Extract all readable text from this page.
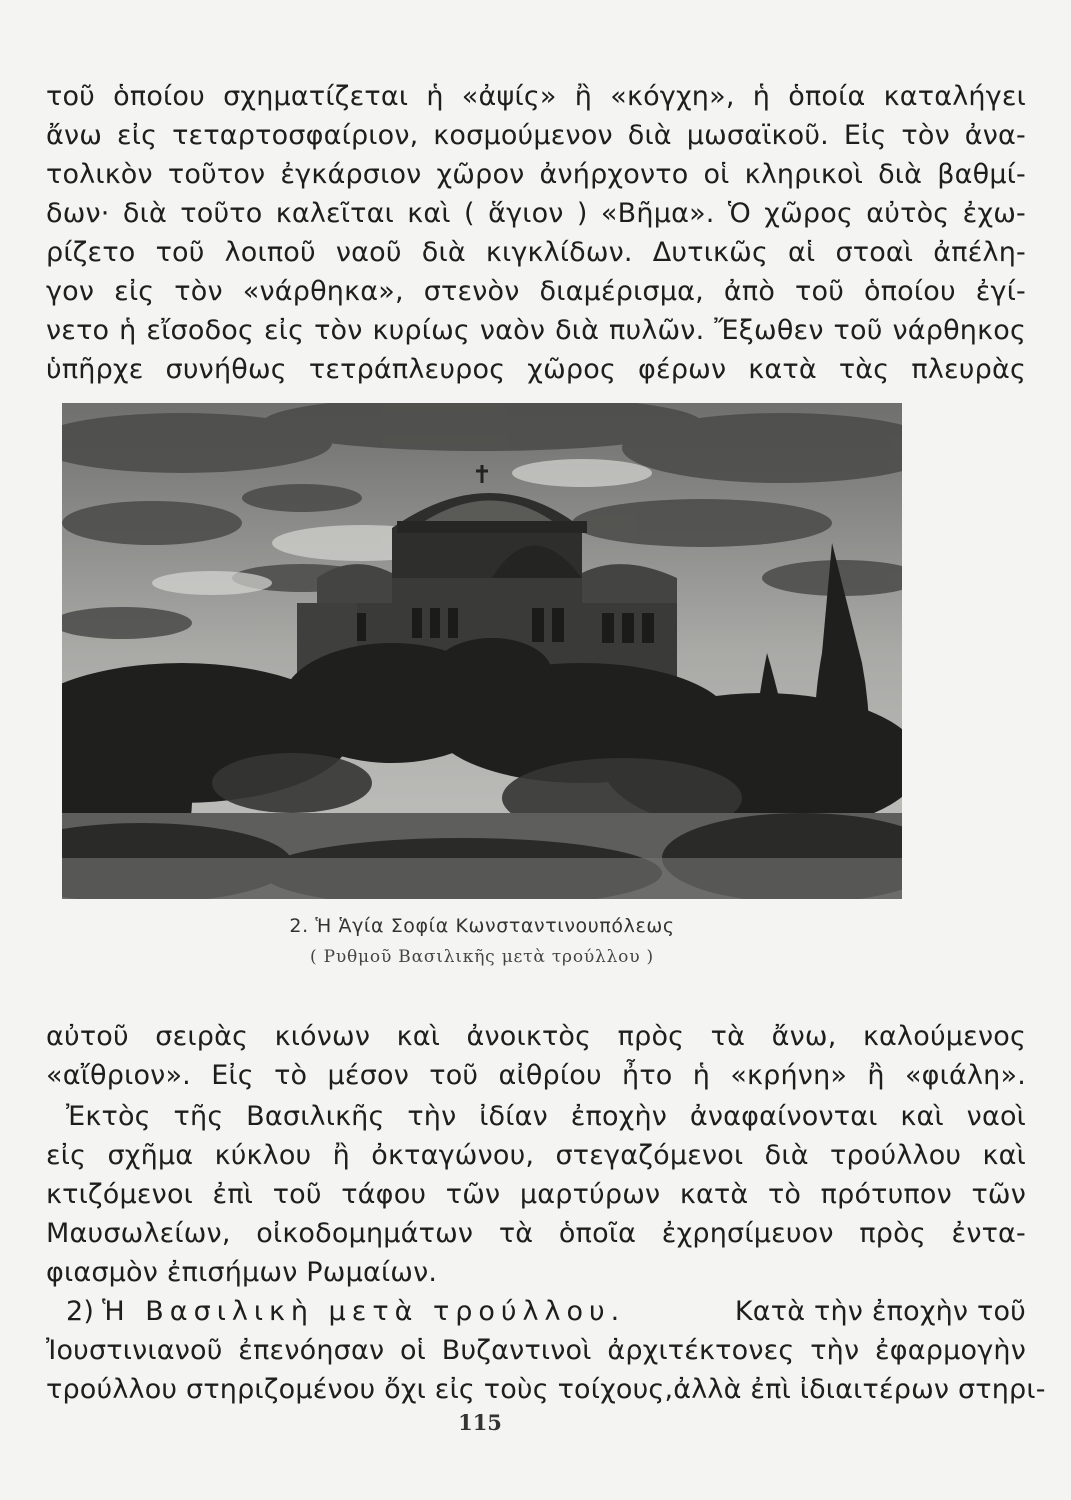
τοῦ ὁποίου σχηματίζεται ἡ «ἀψίς» ἢ «κόγχη», ἡ ὁποία καταλήγει
ἄνω εἰς τεταρτοσφαίριον, κοσμούμενον διὰ μωσαϊκοῦ. Εἰς τὸν ἀνα-
τολικὸν τοῦτον ἐγκάρσιον χῶρον ἀνήρχοντο οἱ κληρικοὶ διὰ βαθμί-
δων· διὰ τοῦτο καλεῖται καὶ ( ἅγιον ) «Βῆμα». Ὁ χῶρος αὐτὸς ἐχω-
ρίζετο τοῦ λοιποῦ ναοῦ διὰ κιγκλίδων. Δυτικῶς αἱ στοαὶ ἀπέλη-
γον εἰς τὸν «νάρθηκα», στενὸν διαμέρισμα, ἀπὸ τοῦ ὁποίου ἐγί-
νετο ἡ εἴσοδος εἰς τὸν κυρίως ναὸν διὰ πυλῶν. Ἔξωθεν τοῦ νάρθηκος
ὑπῆρχε συνήθως τετράπλευρος χῶρος φέρων κατὰ τὰς πλευρὰς
2. Ἡ Ἁγία Σοφία Κωνσταντινουπόλεως
( Ρυθμοῦ Βασιλικῆς μετὰ τρούλλου )
αὐτοῦ σειρὰς κιόνων καὶ ἀνοικτὸς πρὸς τὰ ἄνω, καλούμενος
«αἴθριον». Εἰς τὸ μέσον τοῦ αἰθρίου ἦτο ἡ «κρήνη» ἢ «φιάλη».
Ἐκτὸς τῆς Βασιλικῆς τὴν ἰδίαν ἐποχὴν ἀναφαίνονται καὶ ναοὶ
εἰς σχῆμα κύκλου ἢ ὀκταγώνου, στεγαζόμενοι διὰ τρούλλου καὶ
κτιζόμενοι ἐπὶ τοῦ τάφου τῶν μαρτύρων κατὰ τὸ πρότυπον τῶν
Μαυσωλείων, οἰκοδομημάτων τὰ ὁποῖα ἐχρησίμευον πρὸς ἐντα-
φιασμὸν ἐπισήμων Ρωμαίων.
2) Ἡ Βασιλικὴ μετὰ τρούλλου.	Κατὰ τὴν ἐποχὴν τοῦ
Ἰουστινιανοῦ ἐπενόησαν οἱ Βυζαντινοὶ ἀρχιτέκτονες τὴν ἐφαρμογὴν
τρούλλου στηριζομένου ὄχι εἰς τοὺς τοίχους,ἀλλὰ ἐπὶ ἰδιαιτέρων στηρι-
115
